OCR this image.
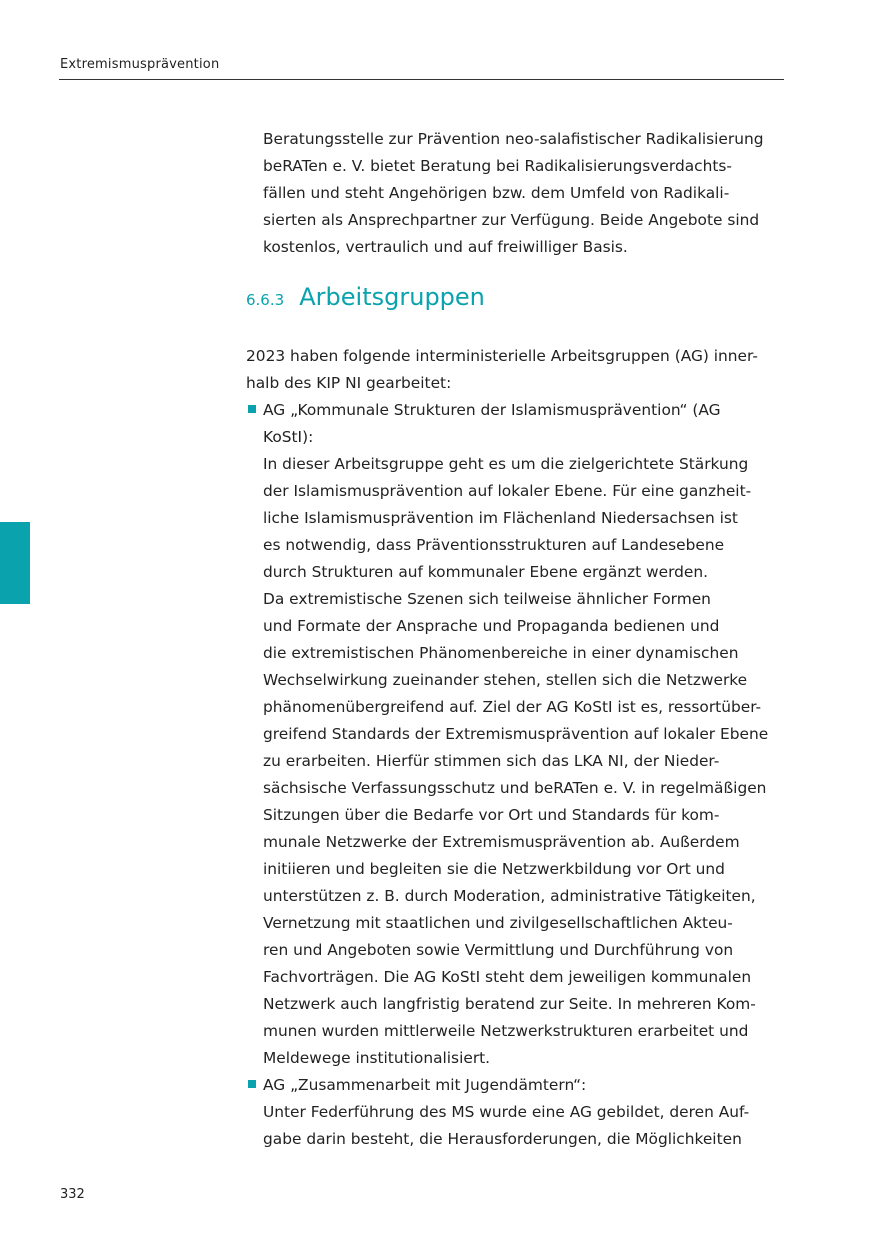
Extremismusprävention
Beratungsstelle zur Prävention neo-salafistischer Radikalisierung
beRATen e. V. bietet Beratung bei Radikalisierungsverdachts-
fällen und steht Angehörigen bzw. dem Umfeld von Radikali-
sierten als Ansprechpartner zur Verfügung. Beide Angebote sind
kostenlos, vertraulich und auf freiwilliger Basis.
6.6.3 Arbeitsgruppen
2023 haben folgende interministerielle Arbeitsgruppen (AG) inner-
halb des KIP NI gearbeitet:
AG „Kommunale Strukturen der Islamismusprävention“ (AG
KoStI):
In dieser Arbeitsgruppe geht es um die zielgerichtete Stärkung
der Islamismusprävention auf lokaler Ebene. Für eine ganzheit-
liche Islamismusprävention im Flächenland Niedersachsen ist
es notwendig, dass Präventionsstrukturen auf Landesebene
durch Strukturen auf kommunaler Ebene ergänzt werden.
Da extremistische Szenen sich teilweise ähnlicher Formen
und Formate der Ansprache und Propaganda bedienen und
die extremistischen Phänomenbereiche in einer dynamischen
Wechselwirkung zueinander stehen, stellen sich die Netzwerke
phänomenübergreifend auf. Ziel der AG KoStI ist es, ressortüber-
greifend Standards der Extremismusprävention auf lokaler Ebene
zu erarbeiten. Hierfür stimmen sich das LKA NI, der Nieder-
sächsische Verfassungsschutz und beRATen e. V. in regelmäßigen
Sitzungen über die Bedarfe vor Ort und Standards für kom-
munale Netzwerke der Extremismusprävention ab. Außerdem
initiieren und begleiten sie die Netzwerkbildung vor Ort und
unterstützen z. B. durch Moderation, administrative Tätigkeiten,
Vernetzung mit staatlichen und zivilgesellschaftlichen Akteu-
ren und Angeboten sowie Vermittlung und Durchführung von
Fachvorträgen. Die AG KoStI steht dem jeweiligen kommunalen
Netzwerk auch langfristig beratend zur Seite. In mehreren Kom-
munen wurden mittlerweile Netzwerkstrukturen erarbeitet und
Meldewege institutionalisiert.
AG „Zusammenarbeit mit Jugendämtern“:
Unter Federführung des MS wurde eine AG gebildet, deren Auf-
gabe darin besteht, die Herausforderungen, die Möglichkeiten
332
